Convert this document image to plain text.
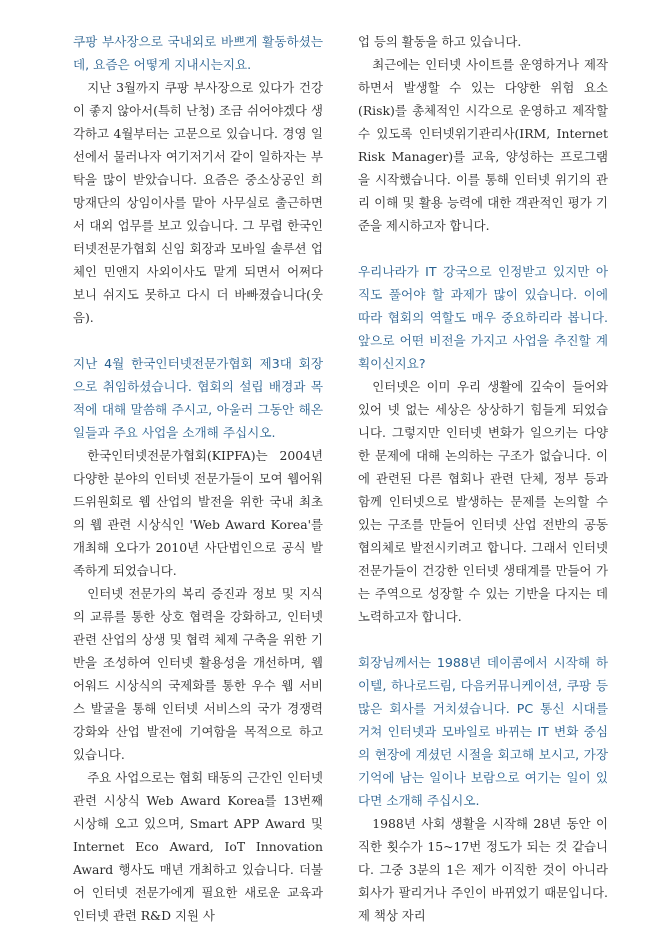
쿠팡 부사장으로 국내외로 바쁘게 활동하셨는데, 요즘은 어떻게 지내시는지요.

지난 3월까지 쿠팡 부사장으로 있다가 건강이 좋지 않아서(특히 난청) 조금 쉬어야겠다 생각하고 4월부터는 고문으로 있습니다. 경영 일선에서 물러나자 여기저기서 같이 일하자는 부탁을 많이 받았습니다. 요즘은 중소상공인 희망재단의 상임이사를 맡아 사무실로 출근하면서 대외 업무를 보고 있습니다. 그 무렵 한국인터넷전문가협회 신임 회장과 모바일 솔루션 업체인 민앤지 사외이사도 맡게 되면서 어쩌다 보니 쉬지도 못하고 다시 더 바빠졌습니다(웃음).

지난 4월 한국인터넷전문가협회 제3대 회장으로 취임하셨습니다. 협회의 설립 배경과 목적에 대해 말씀해 주시고, 아울러 그동안 해온 일들과 주요 사업을 소개해 주십시오.

한국인터넷전문가협회(KIPFA)는 2004년 다양한 분야의 인터넷 전문가들이 모여 웹어워드위원회로 웹 산업의 발전을 위한 국내 최초의 웹 관련 시상식인 'Web Award Korea'를 개최해 오다가 2010년 사단법인으로 공식 발족하게 되었습니다.

인터넷 전문가의 복리 증진과 정보 및 지식의 교류를 통한 상호 협력을 강화하고, 인터넷 관련 산업의 상생 및 협력 체제 구축을 위한 기반을 조성하여 인터넷 활용성을 개선하며, 웹어워드 시상식의 국제화를 통한 우수 웹 서비스 발굴을 통해 인터넷 서비스의 국가 경쟁력 강화와 산업 발전에 기여함을 목적으로 하고 있습니다.

주요 사업으로는 협회 태동의 근간인 인터넷 관련 시상식 Web Award Korea를 13번째 시상해 오고 있으며, Smart APP Award 및 Internet Eco Award, IoT Innovation Award 행사도 매년 개최하고 있습니다. 더불어 인터넷 전문가에게 필요한 새로운 교육과 인터넷 관련 R&D 지원 사

업 등의 활동을 하고 있습니다.

최근에는 인터넷 사이트를 운영하거나 제작하면서 발생할 수 있는 다양한 위험 요소(Risk)를 총체적인 시각으로 운영하고 제작할 수 있도록 인터넷위기관리사(IRM, Internet Risk Manager)를 교육, 양성하는 프로그램을 시작했습니다. 이를 통해 인터넷 위기의 관리 이해 및 활용 능력에 대한 객관적인 평가 기준을 제시하고자 합니다.

우리나라가 IT 강국으로 인정받고 있지만 아직도 풀어야 할 과제가 많이 있습니다. 이에 따라 협회의 역할도 매우 중요하리라 봅니다. 앞으로 어떤 비전을 가지고 사업을 추진할 계획이신지요?

인터넷은 이미 우리 생활에 깊숙이 들어와 있어 넷 없는 세상은 상상하기 힘들게 되었습니다. 그렇지만 인터넷 변화가 일으키는 다양한 문제에 대해 논의하는 구조가 없습니다. 이에 관련된 다른 협회나 관련 단체, 정부 등과 함께 인터넷으로 발생하는 문제를 논의할 수 있는 구조를 만들어 인터넷 산업 전반의 공동 협의체로 발전시키려고 합니다. 그래서 인터넷 전문가들이 건강한 인터넷 생태계를 만들어 가는 주역으로 성장할 수 있는 기반을 다지는 데 노력하고자 합니다.

회장님께서는 1988년 데이콤에서 시작해 하이텔, 하나로드림, 다음커뮤니케이션, 쿠팡 등 많은 회사를 거치셨습니다. PC 통신 시대를 거쳐 인터넷과 모바일로 바뀌는 IT 변화 중심의 현장에 계셨던 시절을 회고해 보시고, 가장 기억에 남는 일이나 보람으로 여기는 일이 있다면 소개해 주십시오.

1988년 사회 생활을 시작해 28년 동안 이직한 횟수가 15~17번 정도가 되는 것 같습니다. 그중 3분의 1은 제가 이직한 것이 아니라 회사가 팔리거나 주인이 바뀌었기 때문입니다. 제 책상 자리
